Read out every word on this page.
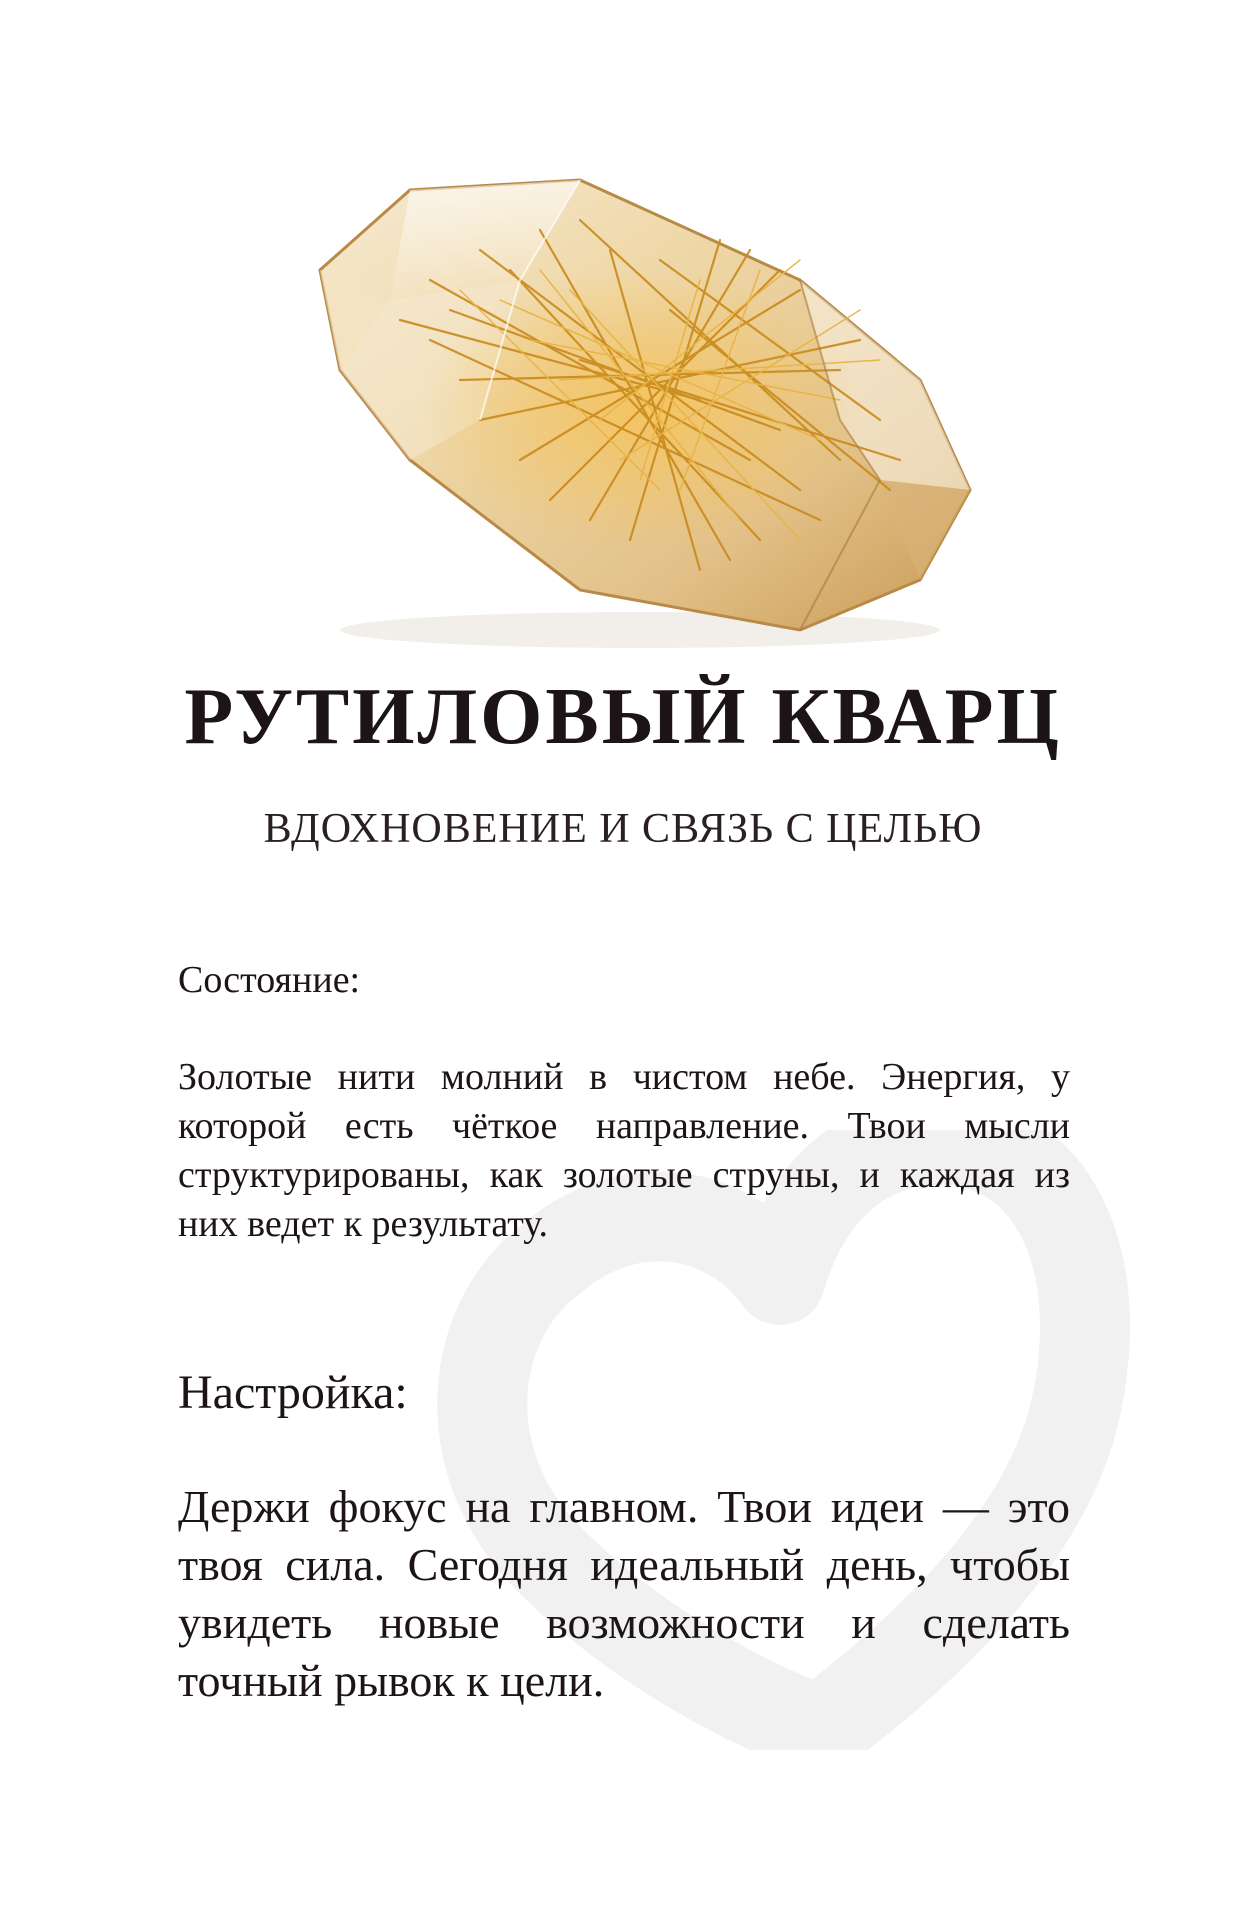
РУТИЛОВЫЙ КВАРЦ
ВДОХНОВЕНИЕ И СВЯЗЬ С ЦЕЛЬЮ
Состояние:

Золотые нити молний в чистом небе. Энергия, у которой есть чёткое направление. Твои мысли структурированы, как золотые струны, и каждая из них ведет к результату.

Настройка:

Держи фокус на главном. Твои идеи — это твоя сила. Сегодня идеальный день, чтобы увидеть новые возможности и сделать точный рывок к цели.
